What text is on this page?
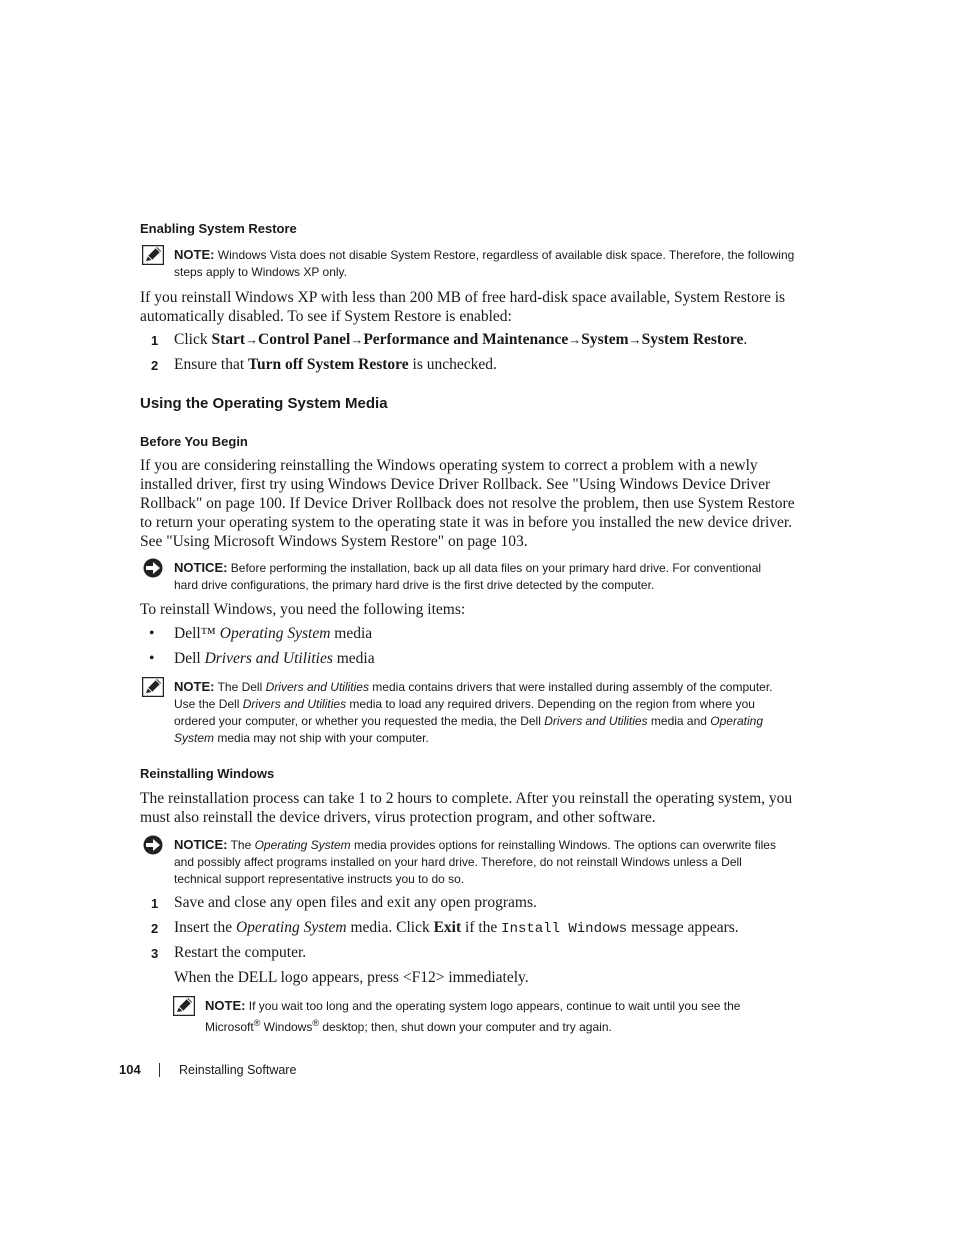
Enabling System Restore
NOTE: Windows Vista does not disable System Restore, regardless of available disk space. Therefore, the following steps apply to Windows XP only.
If you reinstall Windows XP with less than 200 MB of free hard-disk space available, System Restore is automatically disabled. To see if System Restore is enabled:
1 Click Start→Control Panel→Performance and Maintenance→System→System Restore.
2 Ensure that Turn off System Restore is unchecked.
Using the Operating System Media
Before You Begin
If you are considering reinstalling the Windows operating system to correct a problem with a newly
installed driver, first try using Windows Device Driver Rollback. See "Using Windows Device Driver
Rollback" on page 100. If Device Driver Rollback does not resolve the problem, then use System Restore
to return your operating system to the operating state it was in before you installed the new device driver.
See "Using Microsoft Windows System Restore" on page 103.
NOTICE: Before performing the installation, back up all data files on your primary hard drive. For conventional
hard drive configurations, the primary hard drive is the first drive detected by the computer.
To reinstall Windows, you need the following items:
• Dell™ Operating System media
• Dell Drivers and Utilities media
NOTE: The Dell Drivers and Utilities media contains drivers that were installed during assembly of the computer.
Use the Dell Drivers and Utilities media to load any required drivers. Depending on the region from where you
ordered your computer, or whether you requested the media, the Dell Drivers and Utilities media and Operating
System media may not ship with your computer.
Reinstalling Windows
The reinstallation process can take 1 to 2 hours to complete. After you reinstall the operating system, you
must also reinstall the device drivers, virus protection program, and other software.
NOTICE: The Operating System media provides options for reinstalling Windows. The options can overwrite files
and possibly affect programs installed on your hard drive. Therefore, do not reinstall Windows unless a Dell
technical support representative instructs you to do so.
1 Save and close any open files and exit any open programs.
2 Insert the Operating System media. Click Exit if the Install Windows message appears.
3 Restart the computer.
When the DELL logo appears, press <F12> immediately.
NOTE: If you wait too long and the operating system logo appears, continue to wait until you see the
Microsoft® Windows® desktop; then, shut down your computer and try again.
104	Reinstalling Software
